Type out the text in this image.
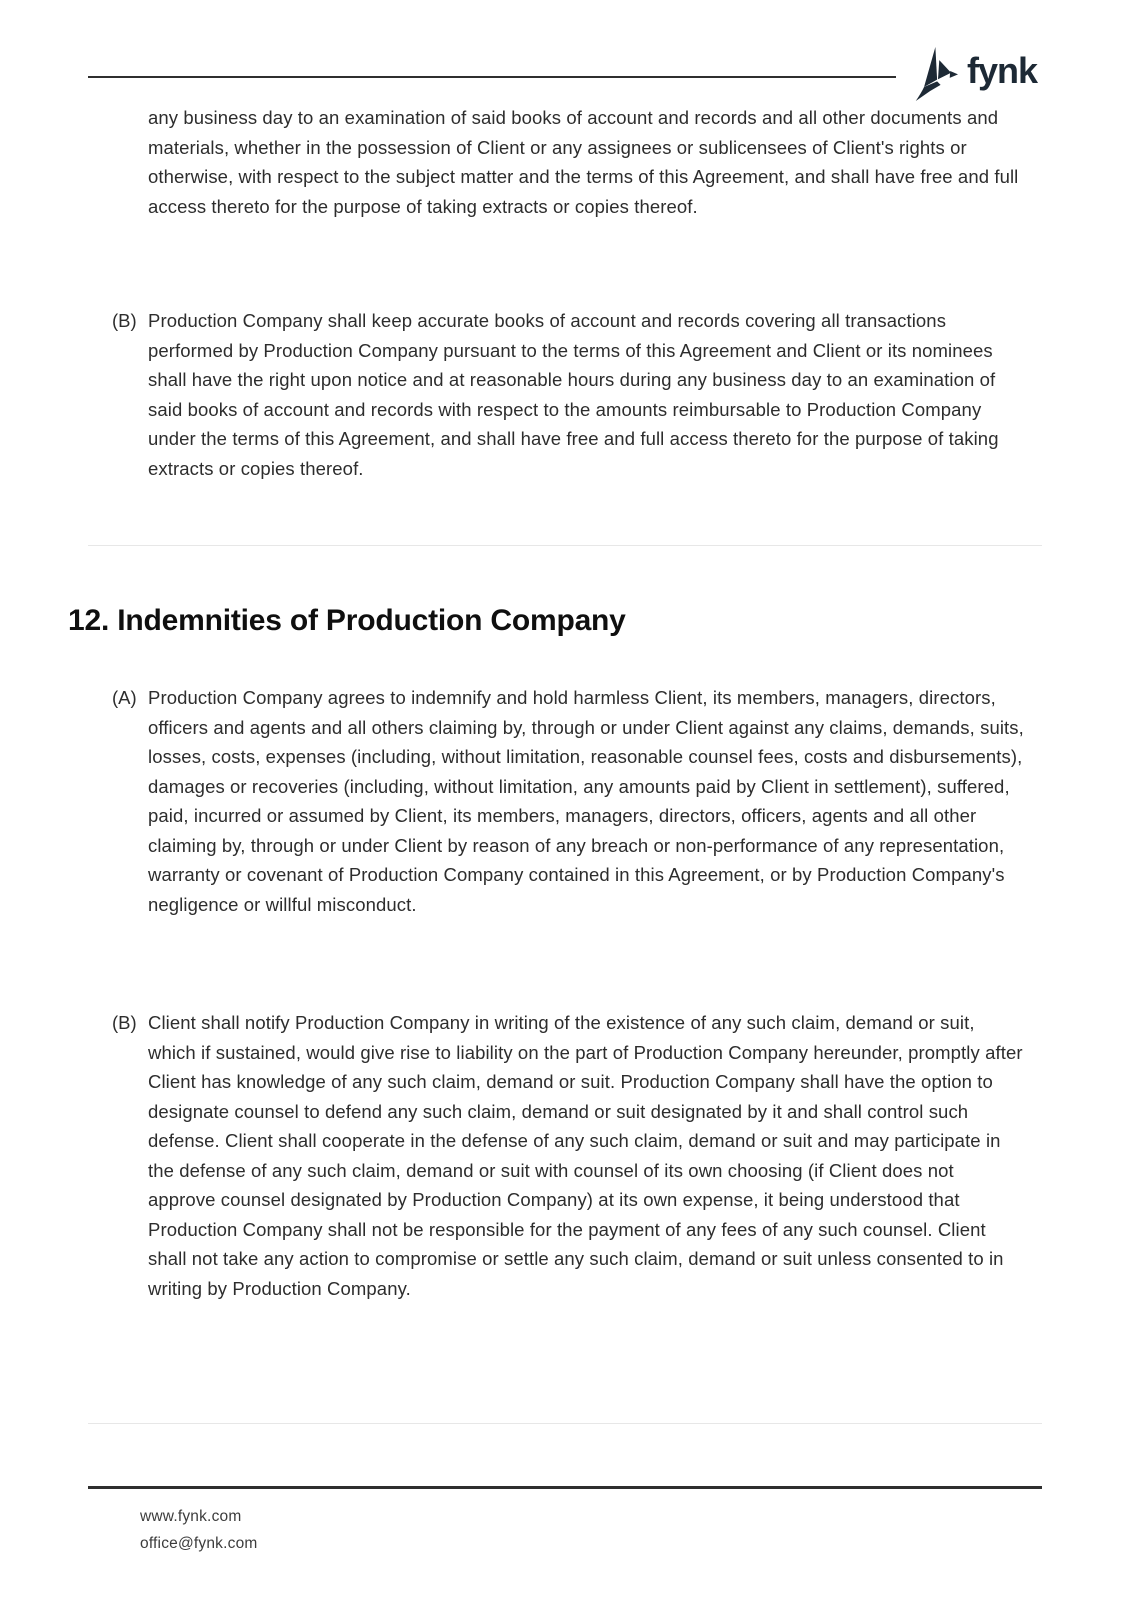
fynk

any business day to an examination of said books of account and records and all other documents and materials, whether in the possession of Client or any assignees or sublicensees of Client's rights or otherwise, with respect to the subject matter and the terms of this Agreement, and shall have free and full access thereto for the purpose of taking extracts or copies thereof.

(B) Production Company shall keep accurate books of account and records covering all transactions performed by Production Company pursuant to the terms of this Agreement and Client or its nominees shall have the right upon notice and at reasonable hours during any business day to an examination of said books of account and records with respect to the amounts reimbursable to Production Company under the terms of this Agreement, and shall have free and full access thereto for the purpose of taking extracts or copies thereof.

12. Indemnities of Production Company
(A) Production Company agrees to indemnify and hold harmless Client, its members, managers, directors, officers and agents and all others claiming by, through or under Client against any claims, demands, suits, losses, costs, expenses (including, without limitation, reasonable counsel fees, costs and disbursements), damages or recoveries (including, without limitation, any amounts paid by Client in settlement), suffered, paid, incurred or assumed by Client, its members, managers, directors, officers, agents and all other claiming by, through or under Client by reason of any breach or non-performance of any representation, warranty or covenant of Production Company contained in this Agreement, or by Production Company's negligence or willful misconduct.

(B) Client shall notify Production Company in writing of the existence of any such claim, demand or suit, which if sustained, would give rise to liability on the part of Production Company hereunder, promptly after Client has knowledge of any such claim, demand or suit. Production Company shall have the option to designate counsel to defend any such claim, demand or suit designated by it and shall control such defense. Client shall cooperate in the defense of any such claim, demand or suit and may participate in the defense of any such claim, demand or suit with counsel of its own choosing (if Client does not approve counsel designated by Production Company) at its own expense, it being understood that Production Company shall not be responsible for the payment of any fees of any such counsel. Client shall not take any action to compromise or settle any such claim, demand or suit unless consented to in writing by Production Company.

www.fynk.com
office@fynk.com
